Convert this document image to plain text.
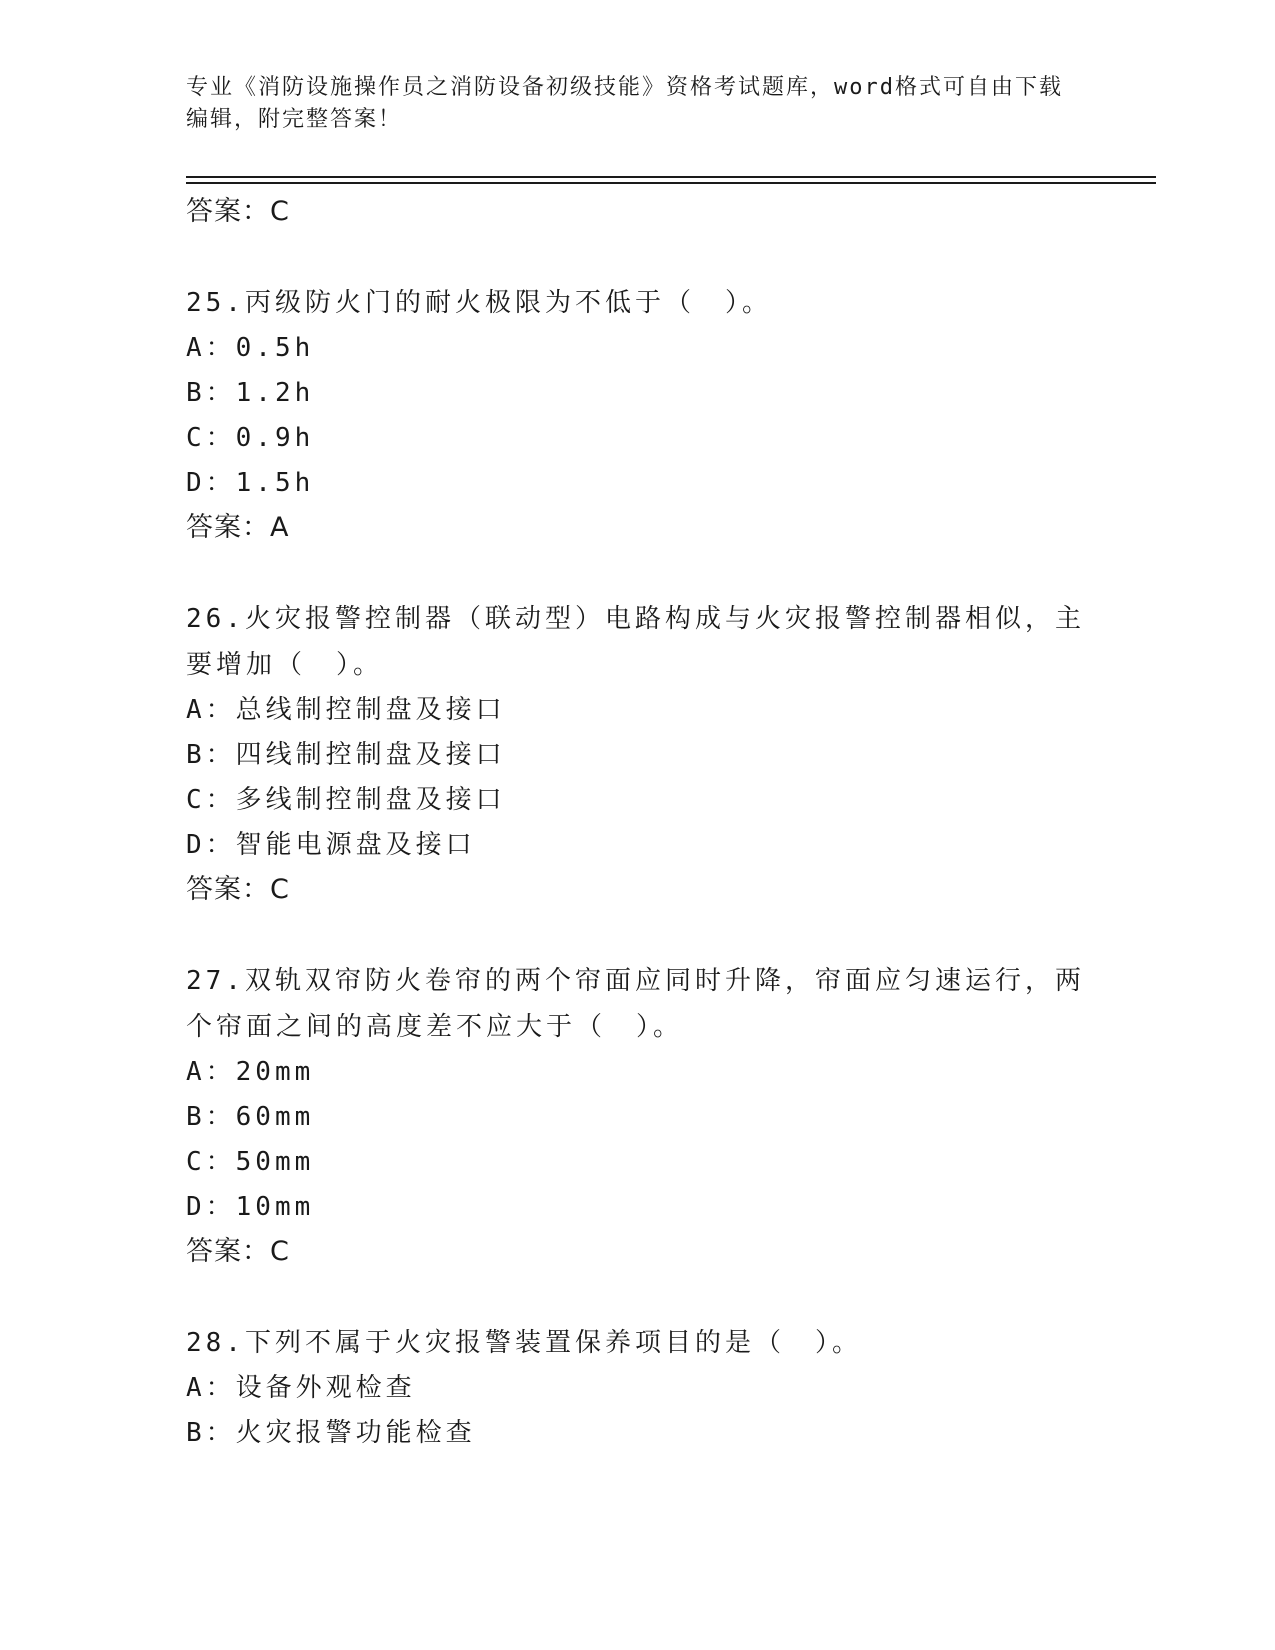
专业《消防设施操作员之消防设备初级技能》资格考试题库，word格式可自由下载编辑，附完整答案！
答案：C
25.丙级防火门的耐火极限为不低于（　）。
A：0.5h
B：1.2h
C：0.9h
D：1.5h
答案：A
26.火灾报警控制器（联动型）电路构成与火灾报警控制器相似，主要增加（　）。
A：总线制控制盘及接口
B：四线制控制盘及接口
C：多线制控制盘及接口
D：智能电源盘及接口
答案：C
27.双轨双帘防火卷帘的两个帘面应同时升降，帘面应匀速运行，两个帘面之间的高度差不应大于（　）。
A：20mm
B：60mm
C：50mm
D：10mm
答案：C
28.下列不属于火灾报警装置保养项目的是（　）。
A：设备外观检查
B：火灾报警功能检查
